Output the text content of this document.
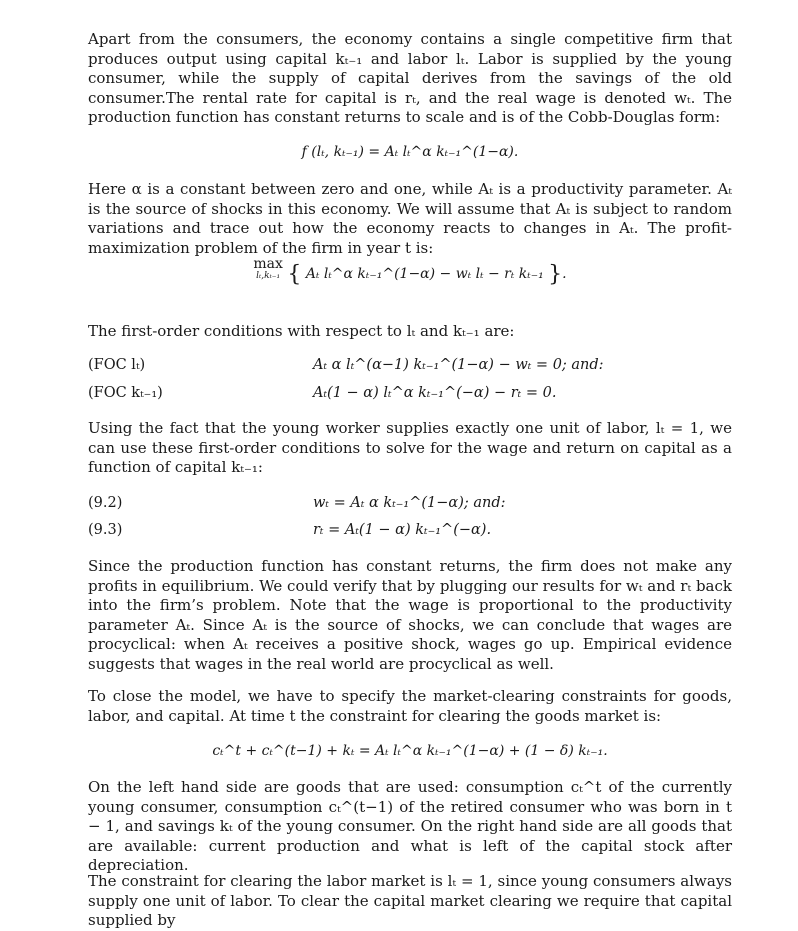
Apart from the consumers, the economy contains a single competitive firm that produces output using capital kₜ₋₁ and labor lₜ. Labor is supplied by the young consumer, while the supply of capital derives from the savings of the old consumer.The rental rate for capital is rₜ, and the real wage is denoted wₜ. The production function has constant returns to scale and is of the Cobb-Douglas form:

f (lₜ, kₜ₋₁) = Aₜ lₜ^α kₜ₋₁^(1−α).

Here α is a constant between zero and one, while Aₜ is a productivity parameter. Aₜ is the source of shocks in this economy. We will assume that Aₜ is subject to random variations and trace out how the economy reacts to changes in Aₜ. The profit-maximization problem of the firm in year t is:

max
lₜ,kₜ₋₁ { Aₜ lₜ^α kₜ₋₁^(1−α) − wₜ lₜ − rₜ kₜ₋₁ }.

The first-order conditions with respect to lₜ and kₜ₋₁ are:

(FOC lₜ)	Aₜ α lₜ^(α−1) kₜ₋₁^(1−α) − wₜ = 0; and:
(FOC kₜ₋₁)	Aₜ(1 − α) lₜ^α kₜ₋₁^(−α) − rₜ = 0.

Using the fact that the young worker supplies exactly one unit of labor, lₜ = 1, we can use these first-order conditions to solve for the wage and return on capital as a function of capital kₜ₋₁:

(9.2)	wₜ = Aₜ α kₜ₋₁^(1−α); and:
(9.3)	rₜ = Aₜ(1 − α) kₜ₋₁^(−α).

Since the production function has constant returns, the firm does not make any profits in equilibrium. We could verify that by plugging our results for wₜ and rₜ back into the firm’s problem. Note that the wage is proportional to the productivity parameter Aₜ. Since Aₜ is the source of shocks, we can conclude that wages are procyclical: when Aₜ receives a positive shock, wages go up. Empirical evidence suggests that wages in the real world are procyclical as well.

To close the model, we have to specify the market-clearing constraints for goods, labor, and capital. At time t the constraint for clearing the goods market is:

cₜ^t + cₜ^(t−1) + kₜ = Aₜ lₜ^α kₜ₋₁^(1−α) + (1 − δ) kₜ₋₁.

On the left hand side are goods that are used: consumption cₜ^t of the currently young consumer, consumption cₜ^(t−1) of the retired consumer who was born in t − 1, and savings kₜ of the young consumer. On the right hand side are all goods that are available: current production and what is left of the capital stock after depreciation.

The constraint for clearing the labor market is lₜ = 1, since young consumers always supply one unit of labor. To clear the capital market clearing we require that capital supplied by
